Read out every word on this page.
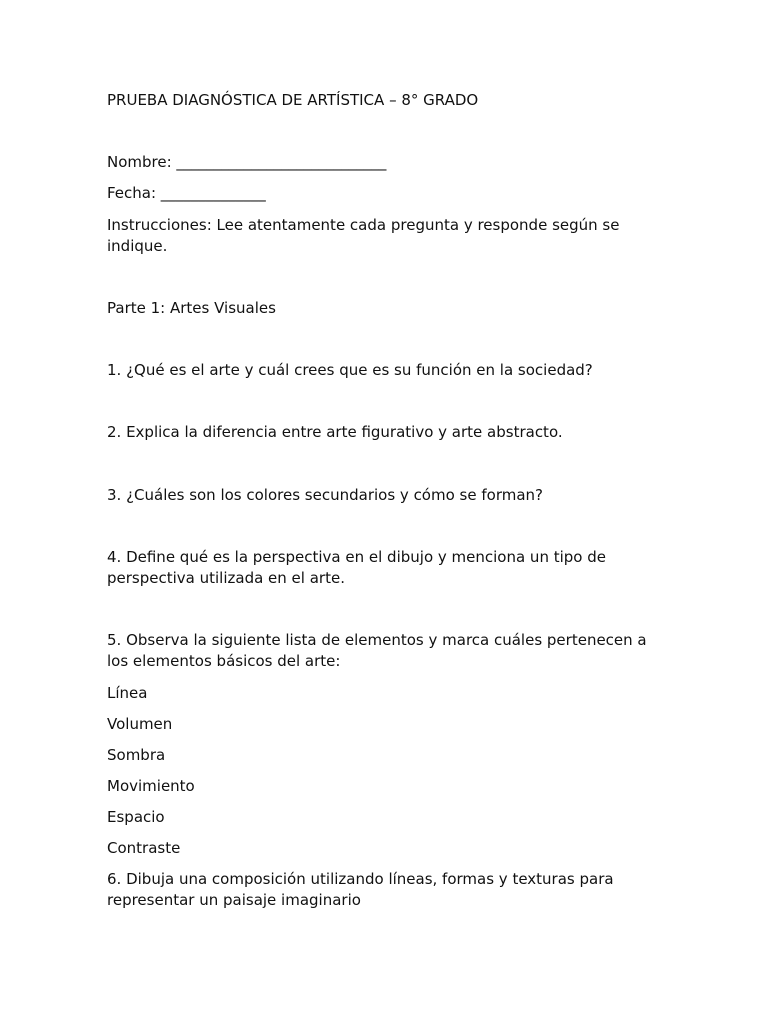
PRUEBA DIAGNÓSTICA DE ARTÍSTICA – 8° GRADO
Nombre: ____________________________
Fecha: ______________
Instrucciones: Lee atentamente cada pregunta y responde según se indique.
Parte 1: Artes Visuales
1. ¿Qué es el arte y cuál crees que es su función en la sociedad?
2. Explica la diferencia entre arte figurativo y arte abstracto.
3. ¿Cuáles son los colores secundarios y cómo se forman?
4. Define qué es la perspectiva en el dibujo y menciona un tipo de perspectiva utilizada en el arte.
5. Observa la siguiente lista de elementos y marca cuáles pertenecen a los elementos básicos del arte:
Línea
Volumen
Sombra
Movimiento
Espacio
Contraste
6. Dibuja una composición utilizando líneas, formas y texturas para representar un paisaje imaginario
